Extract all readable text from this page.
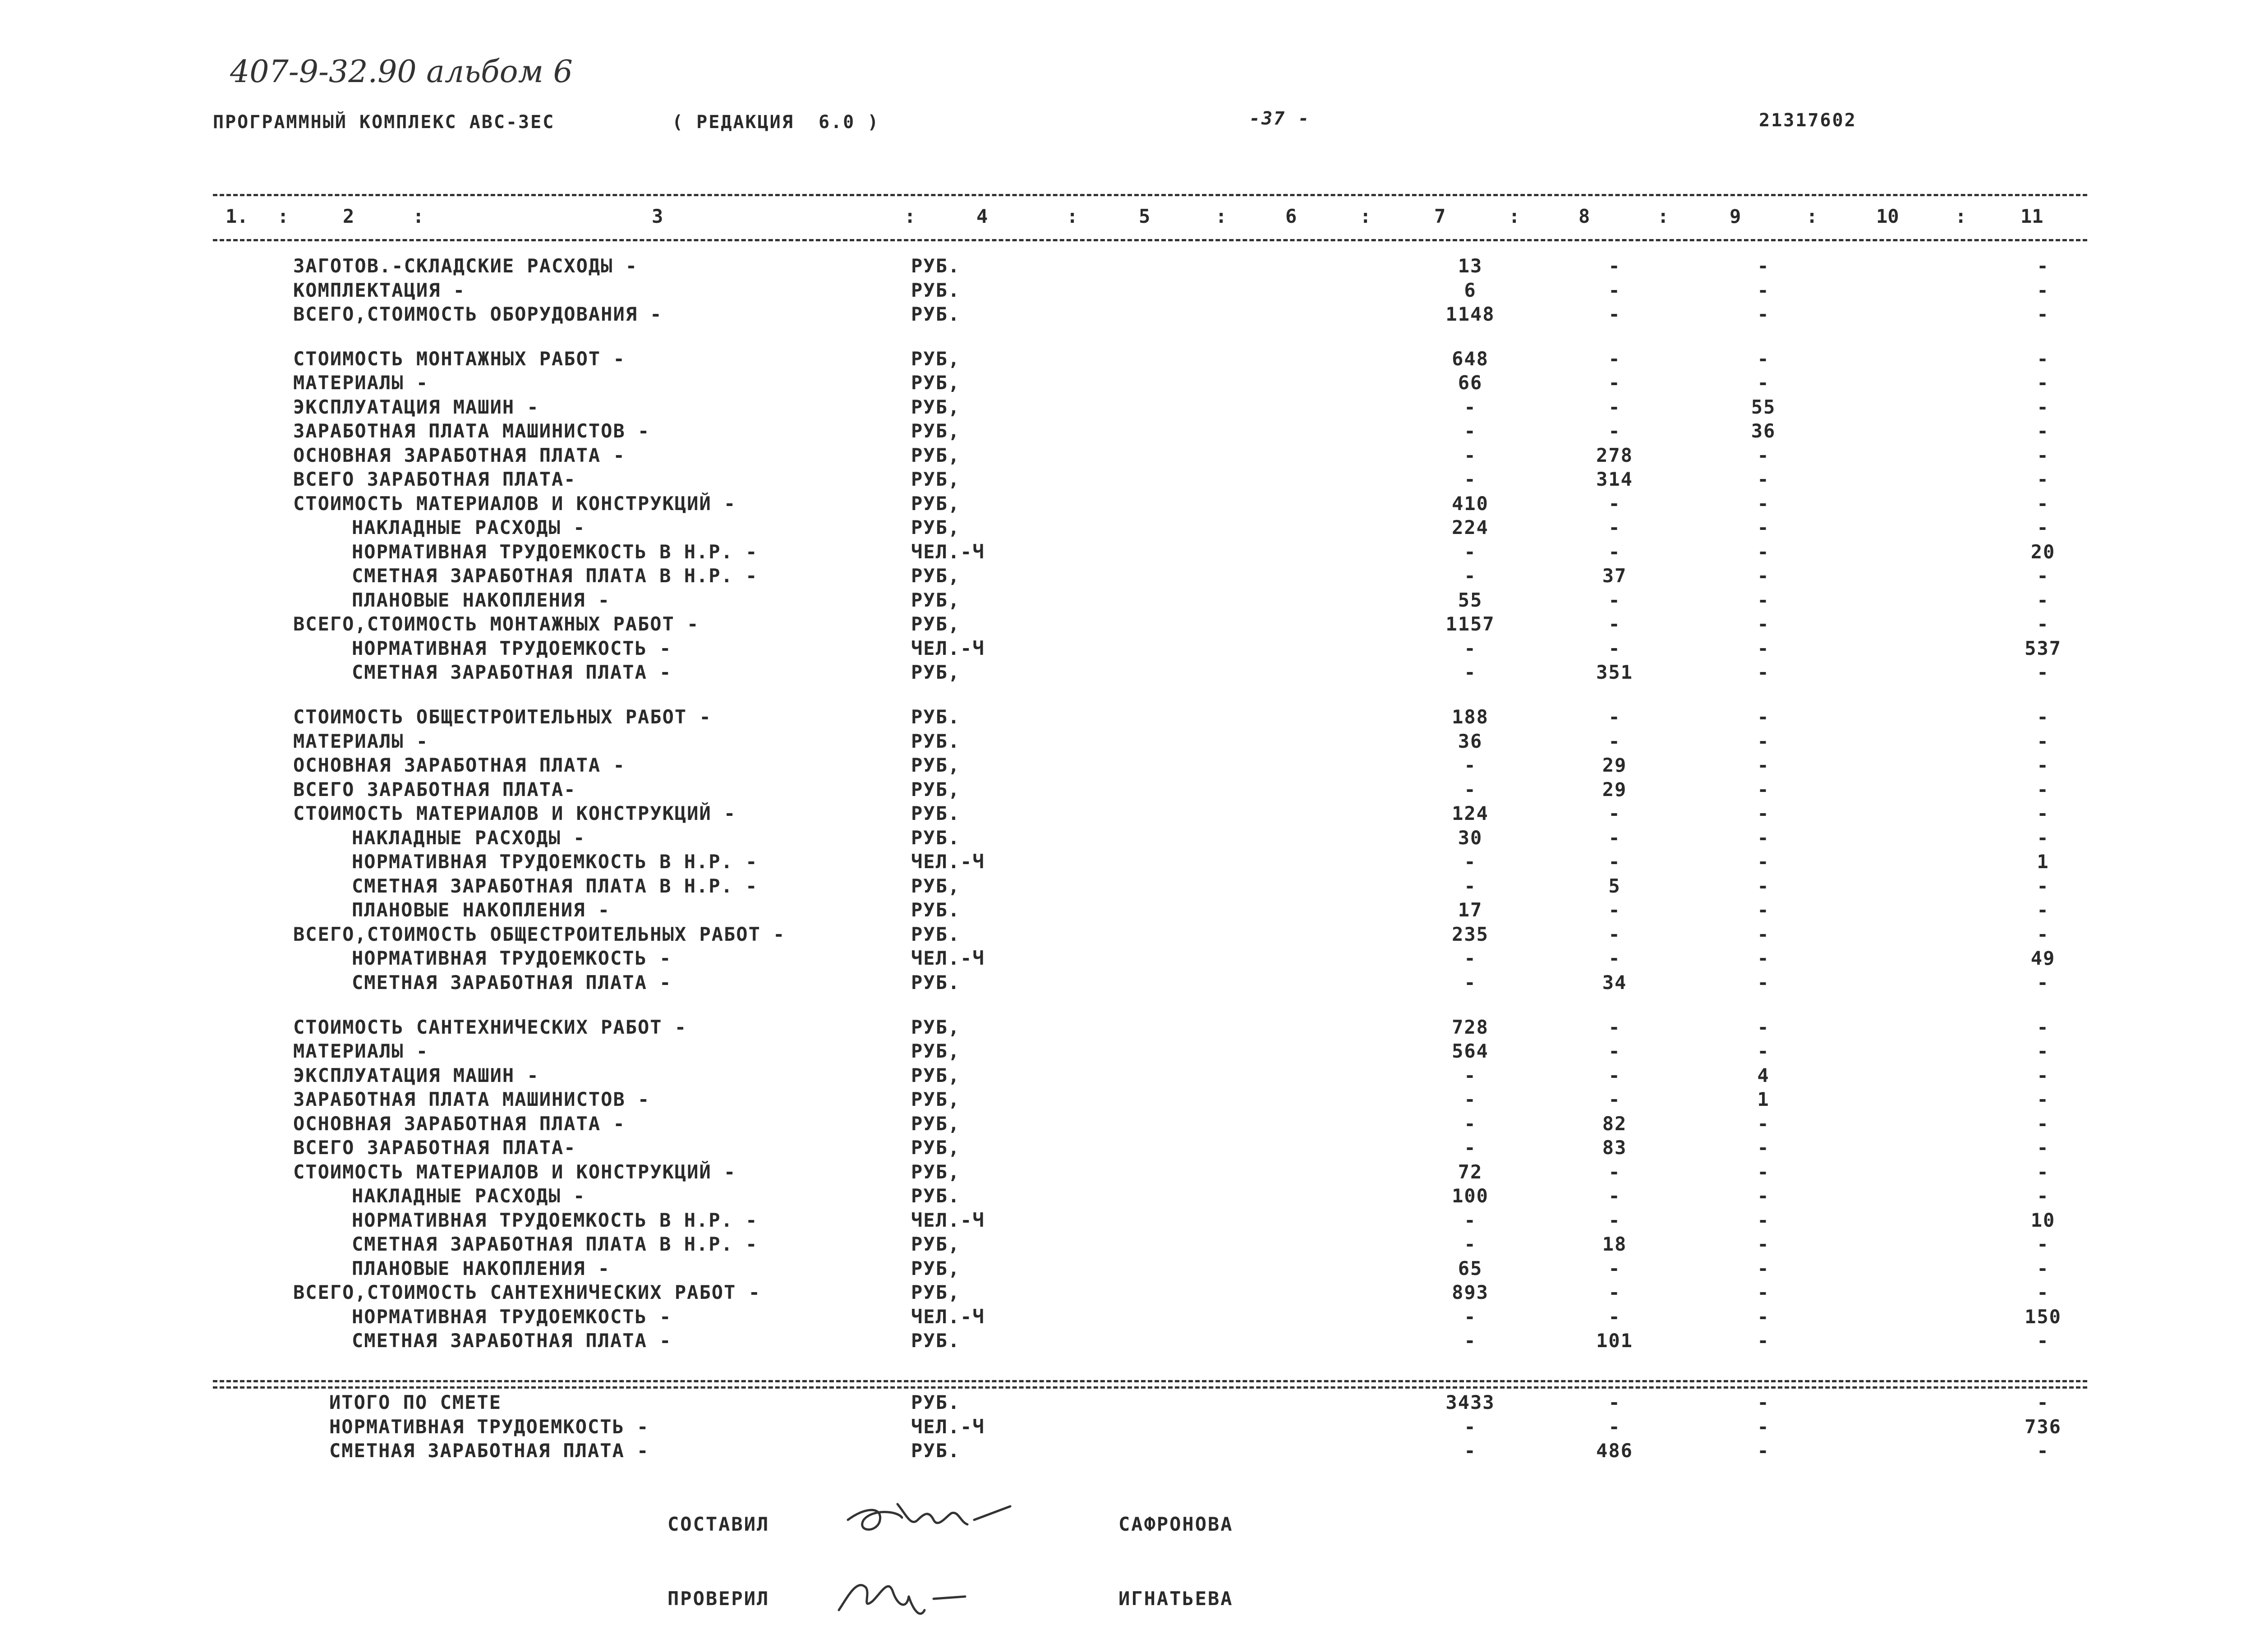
407-9-32.90 альбом 6
ПРОГРАММНЫЙ КОМПЛЕКС АВС-3ЕС	( РЕДАКЦИЯ  6.0 )	-37 -	21317602
1. :	2	:	3	:	4	:	5	:	6	:	7	:	8	:	9	:	10	:	11
ЗАГОТОВ.-СКЛАДСКИЕ РАСХОДЫ -	РУБ.	13	-	-	-
КОМПЛЕКТАЦИЯ -	РУБ.	6	-	-	-
ВСЕГО,СТОИМОСТЬ ОБОРУДОВАНИЯ -	РУБ.	1148	-	-	-
СТОИМОСТЬ МОНТАЖНЫХ РАБОТ -	РУБ,	648	-	-	-
МАТЕРИАЛЫ -	РУБ,	66	-	-	-
ЭКСПЛУАТАЦИЯ МАШИН -	РУБ,	-	-	55	-
ЗАРАБОТНАЯ ПЛАТА МАШИНИСТОВ -	РУБ,	-	-	36	-
ОСНОВНАЯ ЗАРАБОТНАЯ ПЛАТА -	РУБ,	-	278	-	-
ВСЕГО ЗАРАБОТНАЯ ПЛАТА-	РУБ,	-	314	-	-
СТОИМОСТЬ МАТЕРИАЛОВ И КОНСТРУКЦИЙ -	РУБ,	410	-	-	-
НАКЛАДНЫЕ РАСХОДЫ -	РУБ,	224	-	-	-
НОРМАТИВНАЯ ТРУДОЕМКОСТЬ В Н.Р. -	ЧЕЛ.-Ч	-	-	-	20
СМЕТНАЯ ЗАРАБОТНАЯ ПЛАТА В Н.Р. -	РУБ,	-	37	-	-
ПЛАНОВЫЕ НАКОПЛЕНИЯ -	РУБ,	55	-	-	-
ВСЕГО,СТОИМОСТЬ МОНТАЖНЫХ РАБОТ -	РУБ,	1157	-	-	-
НОРМАТИВНАЯ ТРУДОЕМКОСТЬ -	ЧЕЛ.-Ч	-	-	-	537
СМЕТНАЯ ЗАРАБОТНАЯ ПЛАТА -	РУБ,	-	351	-	-
СТОИМОСТЬ ОБЩЕСТРОИТЕЛЬНЫХ РАБОТ -	РУБ.	188	-	-	-
МАТЕРИАЛЫ -	РУБ.	36	-	-	-
ОСНОВНАЯ ЗАРАБОТНАЯ ПЛАТА -	РУБ,	-	29	-	-
ВСЕГО ЗАРАБОТНАЯ ПЛАТА-	РУБ,	-	29	-	-
СТОИМОСТЬ МАТЕРИАЛОВ И КОНСТРУКЦИЙ -	РУБ.	124	-	-	-
НАКЛАДНЫЕ РАСХОДЫ -	РУБ.	30	-	-	-
НОРМАТИВНАЯ ТРУДОЕМКОСТЬ В Н.Р. -	ЧЕЛ.-Ч	-	-	-	1
СМЕТНАЯ ЗАРАБОТНАЯ ПЛАТА В Н.Р. -	РУБ,	-	5	-	-
ПЛАНОВЫЕ НАКОПЛЕНИЯ -	РУБ.	17	-	-	-
ВСЕГО,СТОИМОСТЬ ОБЩЕСТРОИТЕЛЬНЫХ РАБОТ -	РУБ.	235	-	-	-
НОРМАТИВНАЯ ТРУДОЕМКОСТЬ -	ЧЕЛ.-Ч	-	-	-	49
СМЕТНАЯ ЗАРАБОТНАЯ ПЛАТА -	РУБ.	-	34	-	-
СТОИМОСТЬ САНТЕХНИЧЕСКИХ РАБОТ -	РУБ,	728	-	-	-
МАТЕРИАЛЫ -	РУБ,	564	-	-	-
ЭКСПЛУАТАЦИЯ МАШИН -	РУБ,	-	-	4	-
ЗАРАБОТНАЯ ПЛАТА МАШИНИСТОВ -	РУБ,	-	-	1	-
ОСНОВНАЯ ЗАРАБОТНАЯ ПЛАТА -	РУБ,	-	82	-	-
ВСЕГО ЗАРАБОТНАЯ ПЛАТА-	РУБ,	-	83	-	-
СТОИМОСТЬ МАТЕРИАЛОВ И КОНСТРУКЦИЙ -	РУБ,	72	-	-	-
НАКЛАДНЫЕ РАСХОДЫ -	РУБ.	100	-	-	-
НОРМАТИВНАЯ ТРУДОЕМКОСТЬ В Н.Р. -	ЧЕЛ.-Ч	-	-	-	10
СМЕТНАЯ ЗАРАБОТНАЯ ПЛАТА В Н.Р. -	РУБ,	-	18	-	-
ПЛАНОВЫЕ НАКОПЛЕНИЯ -	РУБ,	65	-	-	-
ВСЕГО,СТОИМОСТЬ САНТЕХНИЧЕСКИХ РАБОТ -	РУБ,	893	-	-	-
НОРМАТИВНАЯ ТРУДОЕМКОСТЬ -	ЧЕЛ.-Ч	-	-	-	150
СМЕТНАЯ ЗАРАБОТНАЯ ПЛАТА -	РУБ.	-	101	-	-
ИТОГО ПО СМЕТЕ	РУБ.	3433	-	-	-
НОРМАТИВНАЯ ТРУДОЕМКОСТЬ -	ЧЕЛ.-Ч	-	-	-	736
СМЕТНАЯ ЗАРАБОТНАЯ ПЛАТА -	РУБ.	-	486	-	-
СОСТАВИЛ	САФРОНОВА
ПРОВЕРИЛ	ИГНАТЬЕВА
